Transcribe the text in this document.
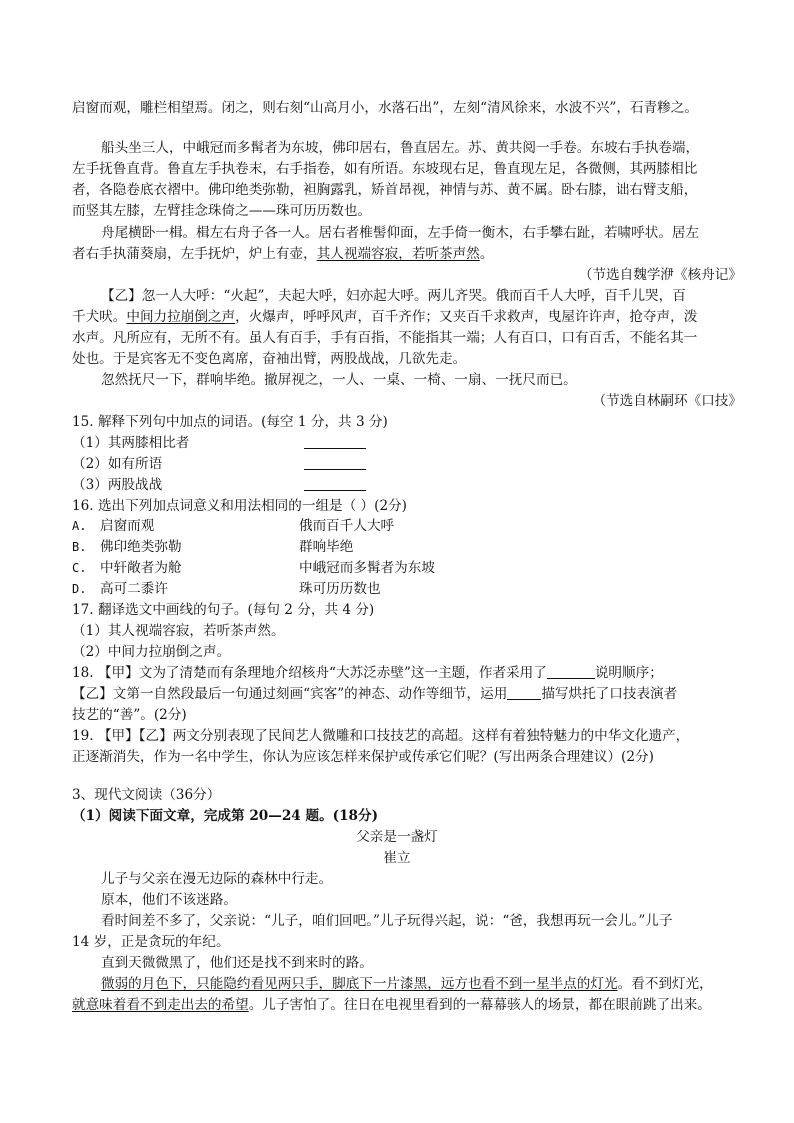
启窗而观，雕栏相望焉。闭之，则右刻“山高月小，水落石出”，左刻“清风徐来，水波不兴”，石青糁之。
船头坐三人，中峨冠而多髯者为东坡，佛印居右，鲁直居左。苏、黄共阅一手卷。东坡右手执卷端，
左手抚鲁直背。鲁直左手执卷末，右手指卷，如有所语。东坡现右足，鲁直现左足，各微侧，其两膝相比
者，各隐卷底衣褶中。佛印绝类弥勒，袒胸露乳，矫首昂视，神情与苏、黄不属。卧右膝，诎右臂支船，
而竖其左膝，左臂挂念珠倚之——珠可历历数也。
舟尾横卧一楫。楫左右舟子各一人。居右者椎髻仰面，左手倚一衡木，右手攀右趾，若啸呼状。居左
者右手执蒲葵扇，左手抚炉，炉上有壶，其人视端容寂，若听茶声然。
（节选自魏学洢《核舟记》
【乙】忽一人大呼：“火起”，夫起大呼，妇亦起大呼。两儿齐哭。俄而百千人大呼，百千儿哭，百
千犬吠。中间力拉崩倒之声，火爆声，呼呼风声，百千齐作；又夹百千求救声，曳屋许许声，抢夺声，泼
水声。凡所应有，无所不有。虽人有百手，手有百指，不能指其一端；人有百口，口有百舌，不能名其一
处也。于是宾客无不变色离席，奋袖出臂，两股战战，几欲先走。
忽然抚尺一下，群响毕绝。撤屏视之，一人、一桌、一椅、一扇、一抚尺而已。
（节选自林嗣环《口技》
15. 解释下列句中加点的词语。(每空 1 分，共 3 分)
（1）其两膝相比者
（2）如有所语
（3）两股战战
16. 选出下列加点词意义和用法相同的一组是（ ）(2分)
A. 启窗而观	俄而百千人大呼
B. 佛印绝类弥勒	群响毕绝
C. 中轩敞者为舱	中峨冠而多髯者为东坡
D. 高可二黍许	珠可历历数也
17. 翻译选文中画线的句子。(每句 2 分，共 4 分)
（1）其人视端容寂，若听茶声然。
（2）中间力拉崩倒之声。
18. 【甲】文为了清楚而有条理地介绍核舟“大苏泛赤壁”这一主题，作者采用了	说明顺序；
【乙】文第一自然段最后一句通过刻画“宾客”的神态、动作等细节，运用	描写烘托了口技表演者
技艺的“善”。(2分)
19. 【甲】【乙】两文分别表现了民间艺人微雕和口技技艺的高超。这样有着独特魅力的中华文化遗产，
正逐渐消失，作为一名中学生，你认为应该怎样来保护或传承它们呢？(写出两条合理建议）(2分)
3、现代文阅读（36分）
（1）阅读下面文章，完成第 20—24 题。(18分)
父亲是一盏灯
崔立
儿子与父亲在漫无边际的森林中行走。
原本，他们不该迷路。
看时间差不多了，父亲说：“儿子，咱们回吧。”儿子玩得兴起，说：“爸，我想再玩一会儿。”儿子
14 岁，正是贪玩的年纪。
直到天微微黑了，他们还是找不到来时的路。
微弱的月色下，只能隐约看见两只手，脚底下一片漆黑，远方也看不到一星半点的灯光。看不到灯光，
就意味着看不到走出去的希望。儿子害怕了。往日在电视里看到的一幕幕骇人的场景，都在眼前跳了出来。
